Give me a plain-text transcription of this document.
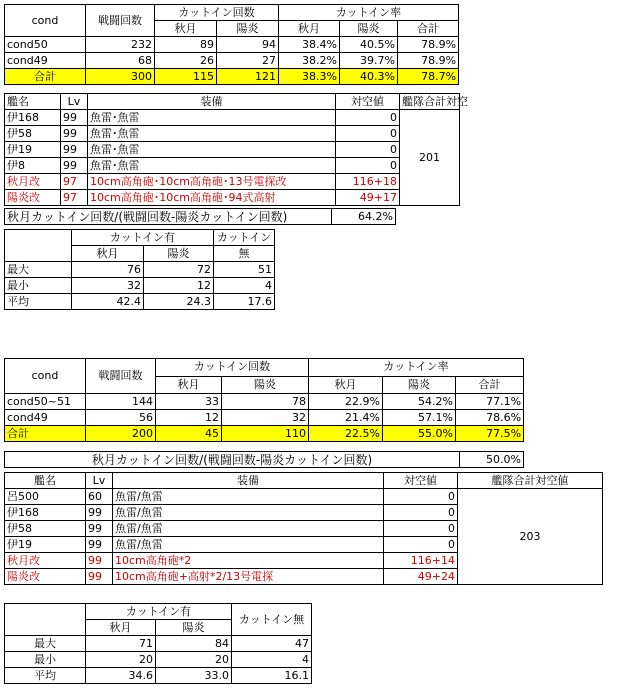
cond	戦闘回数	カットイン回数		カットイン率		
		秋月	陽炎	秋月	陽炎	合計
cond50	232	89	94	38.4%	40.5%	78.9%
cond49	68	26	27	38.2%	39.7%	78.9%
合計	300	115	121	38.3%	40.3%	78.7%
艦名	Lv	装備	対空値	艦隊合計対空
伊168	99	魚雷･魚雷	0	201
伊58	99	魚雷･魚雷	0	
伊19	99	魚雷･魚雷	0	
伊8	99	魚雷･魚雷	0	
秋月改	97	10cm高角砲･10cm高角砲･13号電探改	116+18	
陽炎改	97	10cm高角砲･10cm高角砲･94式高射	49+17	
秋月カットイン回数/(戦闘回数-陽炎カットイン回数)	64.2%
	カットイン有		カットイン
	秋月	陽炎	無
最大	76	72	51
最小	32	12	4
平均	42.4	24.3	17.6
cond	戦闘回数	カットイン回数		カットイン率		
		秋月	陽炎	秋月	陽炎	合計
cond50~51	144	33	78	22.9%	54.2%	77.1%
cond49	56	12	32	21.4%	57.1%	78.6%
合計	200	45	110	22.5%	55.0%	77.5%
秋月カットイン回数/(戦闘回数-陽炎カットイン回数)	50.0%
艦名	Lv	装備	対空値	艦隊合計対空値
呂500	60	魚雷/魚雷	0	203
伊168	99	魚雷/魚雷	0	
伊58	99	魚雷/魚雷	0	
伊19	99	魚雷/魚雷	0	
秋月改	99	10cm高角砲*2	116+14	
陽炎改	99	10cm高角砲+高射*2/13号電探	49+24	
	カットイン有		カットイン無
	秋月	陽炎	
最大	71	84	47
最小	20	20	4
平均	34.6	33.0	16.1
